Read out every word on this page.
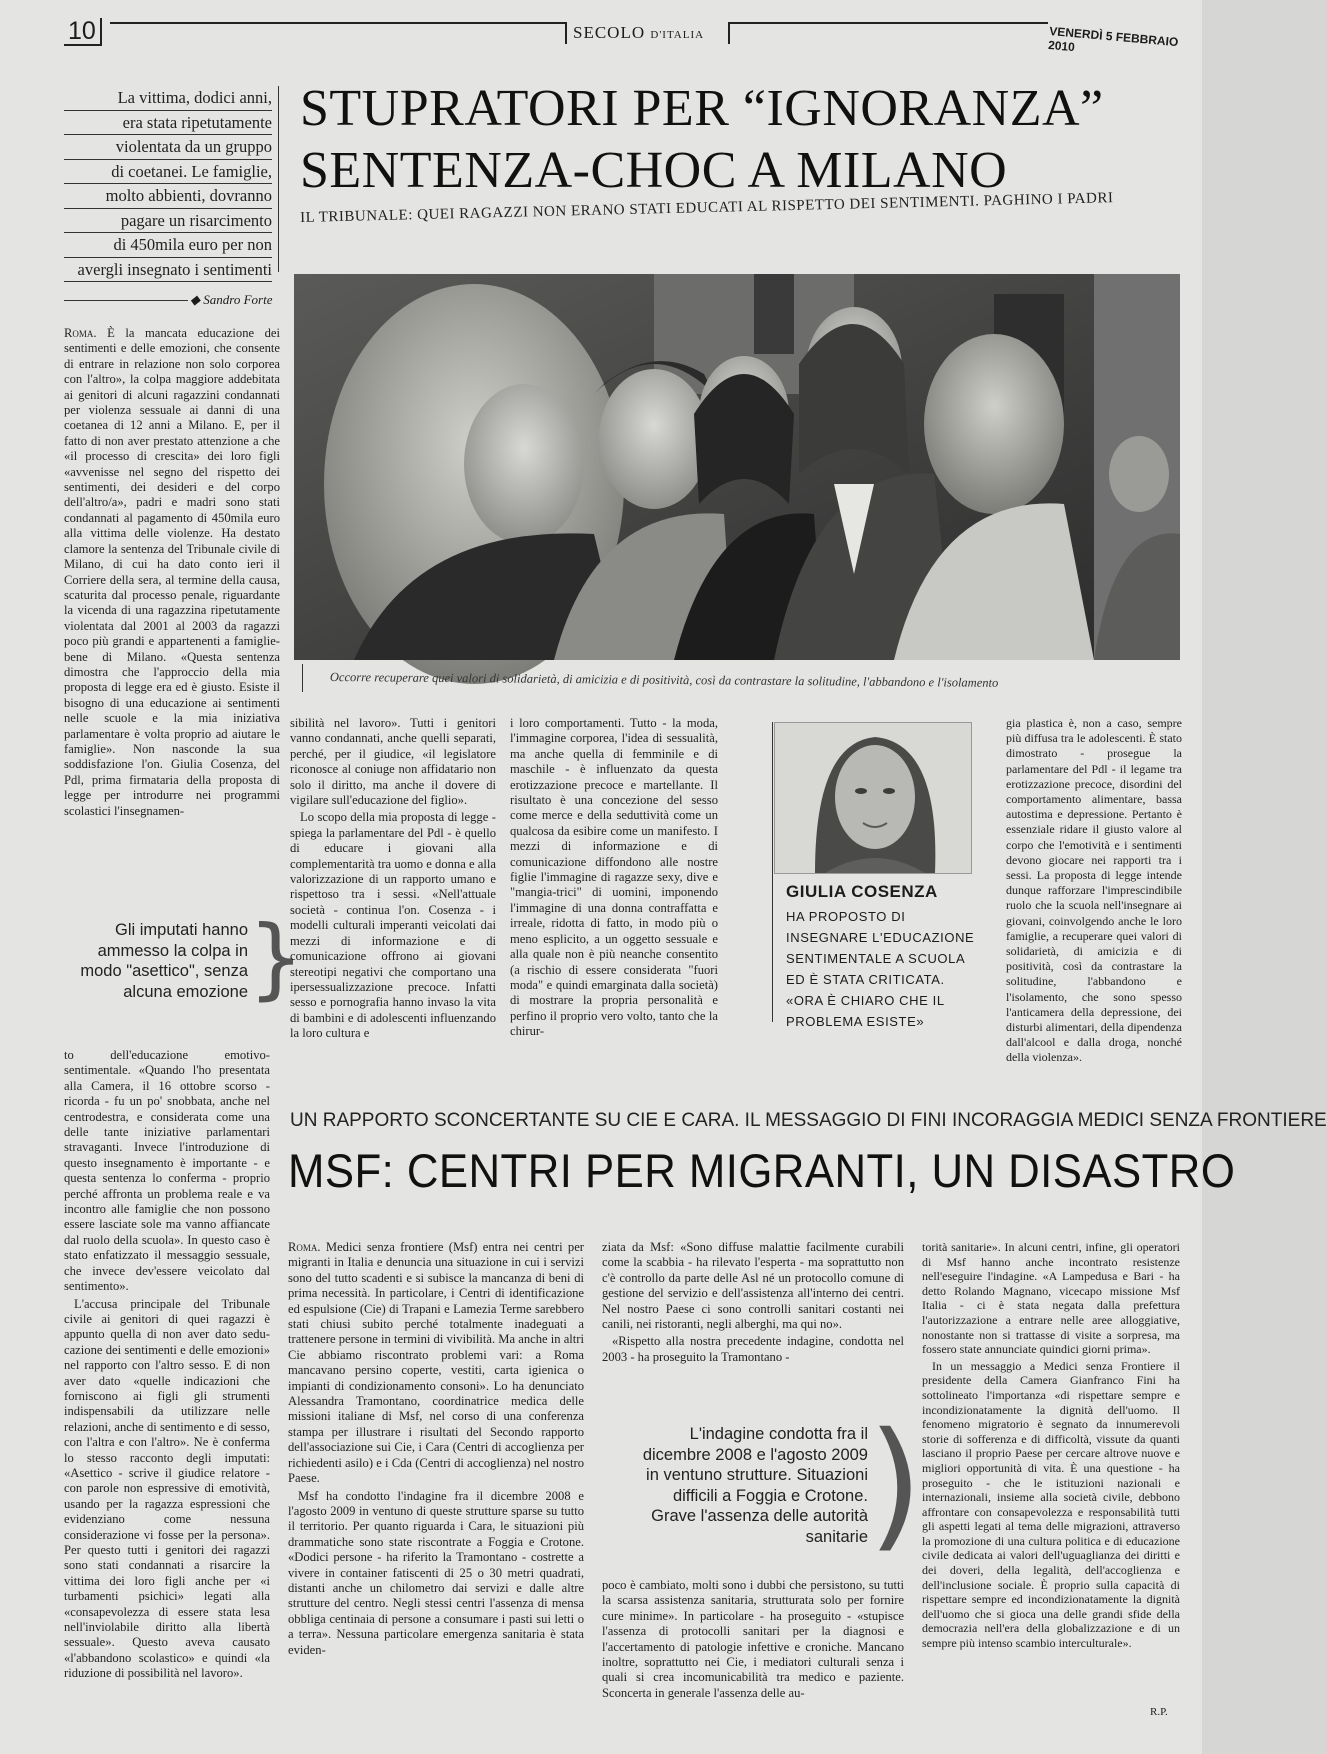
10	SECOLO D'ITALIA	VENERDÌ 5 FEBBRAIO 2010
La vittima, dodici anni,
era stata ripetutamente
violentata da un gruppo
di coetanei. Le famiglie,
molto abbienti, dovranno
pagare un risarcimento
di 450mila euro per non
avergli insegnato i sentimenti
STUPRATORI PER “IGNORANZA”
SENTENZA-CHOC A MILANO
IL TRIBUNALE: QUEI RAGAZZI NON ERANO STATI EDUCATI AL RISPETTO DEI SENTIMENTI. PAGHINO I PADRI
◆ Sandro Forte

Roma. È la mancata educazione dei sentimenti e delle emozioni, che consente di entrare in relazione non solo corporea con l'altro», la colpa maggiore addebitata ai genitori di alcuni ragazzini condannati per violenza sessuale ai danni di una coetanea di 12 anni a Milano. E, per il fatto di non aver prestato attenzione a che «il processo di crescita» dei loro figli «avvenisse nel segno del rispetto dei sentimenti, dei desideri e del corpo dell'altro/a», padri e madri sono stati condannati al pagamento di 450mila euro alla vittima delle violenze. Ha destato clamore la sentenza del Tribunale civile di Milano, di cui ha dato conto ieri il Corriere della sera, al termine della causa, scaturita dal processo penale, riguardante la vicenda di una ragazzina ripetutamente violentata dal 2001 al 2003 da ragazzi poco più grandi e appartenenti a famiglie-bene di Milano. «Questa sentenza dimostra che l'approccio della mia proposta di legge era ed è giusto. Esiste il bisogno di una educazione ai sentimenti nelle scuole e la mia iniziativa parlamentare è volta proprio ad aiutare le famiglie». Non nasconde la sua soddisfazione l'on. Giulia Cosenza, del Pdl, prima firmataria della proposta di legge per introdurre nei programmi scolastici l'insegnamen-

Gli imputati hanno ammesso la colpa in modo "asettico", senza alcuna emozione }

to dell'educazione emotivo-sentimentale. «Quando l'ho presentata alla Camera, il 16 ottobre scorso - ricorda - fu un po' snobbata, anche nel centrodestra, e considerata come una delle tante iniziative parlamentari stravaganti. Invece l'introduzione di questo insegnamento è importante - e questa sentenza lo conferma - proprio perché affronta un problema reale e va incontro alle famiglie che non possono essere lasciate sole ma vanno affiancate dal ruolo della scuola». In questo caso è stato enfatizzato il messaggio sessuale, che invece dev'essere veicolato dal sentimento».

L'accusa principale del Tribunale civile ai genitori di quei ragazzi è appunto quella di non aver dato sedu-cazione dei sentimenti e delle emozioni» nel rapporto con l'altro sesso. E di non aver dato «quelle indicazioni che forniscono ai figli gli strumenti indispensabili da utilizzare nelle relazioni, anche di sentimento e di sesso, con l'altra e con l'altro». Ne è conferma lo stesso racconto degli imputati: «Asettico - scrive il giudice relatore - con parole non espressive di emotività, usando per la ragazza espressioni che evidenziano come nessuna considerazione vi fosse per la persona». Per questo tutti i genitori dei ragazzi sono stati condannati a risarcire la vittima dei loro figli anche per «i turbamenti psichici» legati alla «consapevolezza di essere stata lesa nell'inviolabile diritto alla libertà sessuale». Questo aveva causato «l'abbandono scolastico» e quindi «la riduzione di possibilità nel lavoro».

Occorre recuperare quei valori di solidarietà, di amicizia e di positività, così da contrastare la solitudine, l'abbandono e l'isolamento

sibilità nel lavoro». Tutti i genitori vanno condannati, anche quelli separati, perché, per il giudice, «il legislatore riconosce al coniuge non affidatario non solo il diritto, ma anche il dovere di vigilare sull'educazione del figlio».

Lo scopo della mia proposta di legge - spiega la parlamentare del Pdl - è quello di educare i giovani alla complementarità tra uomo e donna e alla valorizzazione di un rapporto umano e rispettoso tra i sessi. «Nell'attuale società - continua l'on. Cosenza - i modelli culturali imperanti veicolati dai mezzi di informazione e di comunicazione offrono ai giovani stereotipi negativi che comportano una ipersessualizzazione precoce. Infatti sesso e pornografia hanno invaso la vita di bambini e di adolescenti influenzando la loro cultura e

i loro comportamenti. Tutto - la moda, l'immagine corporea, l'idea di sessualità, ma anche quella di femminile e di maschile - è influenzato da questa erotizzazione precoce e martellante. Il risultato è una concezione del sesso come merce e della seduttività come un qualcosa da esibire come un manifesto. I mezzi di informazione e di comunicazione diffondono alle nostre figlie l'immagine di ragazze sexy, dive e "mangia-trici" di uomini, imponendo l'immagine di una donna contraffatta e irreale, ridotta di fatto, in modo più o meno esplicito, a un oggetto sessuale e alla quale non è più neanche consentito (a rischio di essere considerata "fuori moda" e quindi emarginata dalla società) di mostrare la propria personalità e perfino il proprio vero volto, tanto che la chirur-

GIULIA COSENZA
HA PROPOSTO DI INSEGNARE L'EDUCAZIONE SENTIMENTALE A SCUOLA ED È STATA CRITICATA. «ORA È CHIARO CHE IL PROBLEMA ESISTE»

gia plastica è, non a caso, sempre più diffusa tra le adolescenti. È stato dimostrato - prosegue la parlamentare del Pdl - il legame tra erotizzazione precoce, disordini del comportamento alimentare, bassa autostima e depressione. Pertanto è essenziale ridare il giusto valore al corpo che l'emotività e i sentimenti devono giocare nei rapporti tra i sessi. La proposta di legge intende dunque rafforzare l'imprescindibile ruolo che la scuola nell'insegnare ai giovani, coinvolgendo anche le loro famiglie, a recuperare quei valori di solidarietà, di amicizia e di positività, così da contrastare la solitudine, l'abbandono e l'isolamento, che sono spesso l'anticamera della depressione, dei disturbi alimentari, della dipendenza dall'alcool e dalla droga, nonché della violenza».

UN RAPPORTO SCONCERTANTE SU CIE E CARA. IL MESSAGGIO DI FINI INCORAGGIA MEDICI SENZA FRONTIERE
MSF: CENTRI PER MIGRANTI, UN DISASTRO

Roma. Medici senza frontiere (Msf) entra nei centri per migranti in Italia e denuncia una situazione in cui i servizi sono del tutto scadenti e si subisce la mancanza di beni di prima necessità. In particolare, i Centri di identificazione ed espulsione (Cie) di Trapani e Lamezia Terme sarebbero stati chiusi subito perché totalmente inadeguati a trattenere persone in termini di vivibilità. Ma anche in altri Cie abbiamo riscontrato problemi vari: a Roma mancavano persino coperte, vestiti, carta igienica o impianti di condizionamento consoni». Lo ha denunciato Alessandra Tramontano, coordinatrice medica delle missioni italiane di Msf, nel corso di una conferenza stampa per illustrare i risultati del Secondo rapporto dell'associazione sui Cie, i Cara (Centri di accoglienza per richiedenti asilo) e i Cda (Centri di accoglienza) nel nostro Paese.

Msf ha condotto l'indagine fra il dicembre 2008 e l'agosto 2009 in ventuno di queste strutture sparse su tutto il territorio. Per quanto riguarda i Cara, le situazioni più drammatiche sono state riscontrate a Foggia e Crotone. «Dodici persone - ha riferito la Tramontano - costrette a vivere in container fatiscenti di 25 o 30 metri quadrati, distanti anche un chilometro dai servizi e dalle altre strutture del centro. Negli stessi centri l'assenza di mensa obbliga centinaia di persone a consumare i pasti sui letti o a terra». Nessuna particolare emergenza sanitaria è stata eviden-

ziata da Msf: «Sono diffuse malattie facilmente curabili come la scabbia - ha rilevato l'esperta - ma soprattutto non c'è controllo da parte delle Asl né un protocollo comune di gestione del servizio e dell'assistenza all'interno dei centri. Nel nostro Paese ci sono controlli sanitari costanti nei canili, nei ristoranti, negli alberghi, ma qui no».

«Rispetto alla nostra precedente indagine, condotta nel 2003 - ha proseguito la Tramontano -

L'indagine condotta fra il dicembre 2008 e l'agosto 2009 in ventuno strutture. Situazioni difficili a Foggia e Crotone. Grave l'assenza delle autorità sanitarie )

poco è cambiato, molti sono i dubbi che persistono, su tutti la scarsa assistenza sanitaria, strutturata solo per fornire cure minime». In particolare - ha proseguito - «stupisce l'assenza di protocolli sanitari per la diagnosi e l'accertamento di patologie infettive e croniche. Mancano inoltre, soprattutto nei Cie, i mediatori culturali senza i quali si crea incomunicabilità tra medico e paziente. Sconcerta in generale l'assenza delle au-

torità sanitarie». In alcuni centri, infine, gli operatori di Msf hanno anche incontrato resistenze nell'eseguire l'indagine. «A Lampedusa e Bari - ha detto Rolando Magnano, vicecapo missione Msf Italia - ci è stata negata dalla prefettura l'autorizzazione a entrare nelle aree alloggiative, nonostante non si trattasse di visite a sorpresa, ma fossero state annunciate quindici giorni prima».

In un messaggio a Medici senza Frontiere il presidente della Camera Gianfranco Fini ha sottolineato l'importanza «di rispettare sempre e incondizionatamente la dignità dell'uomo. Il fenomeno migratorio è segnato da innumerevoli storie di sofferenza e di difficoltà, vissute da quanti lasciano il proprio Paese per cercare altrove nuove e migliori opportunità di vita. È una questione - ha proseguito - che le istituzioni nazionali e internazionali, insieme alla società civile, debbono affrontare con consapevolezza e responsabilità tutti gli aspetti legati al tema delle migrazioni, attraverso la promozione di una cultura politica e di educazione civile dedicata ai valori dell'uguaglianza dei diritti e dei doveri, della legalità, dell'accoglienza e dell'inclusione sociale. È proprio sulla capacità di rispettare sempre ed incondizionatamente la dignità dell'uomo che si gioca una delle grandi sfide della democrazia nell'era della globalizzazione e di un sempre più intenso scambio interculturale».

R.P.
